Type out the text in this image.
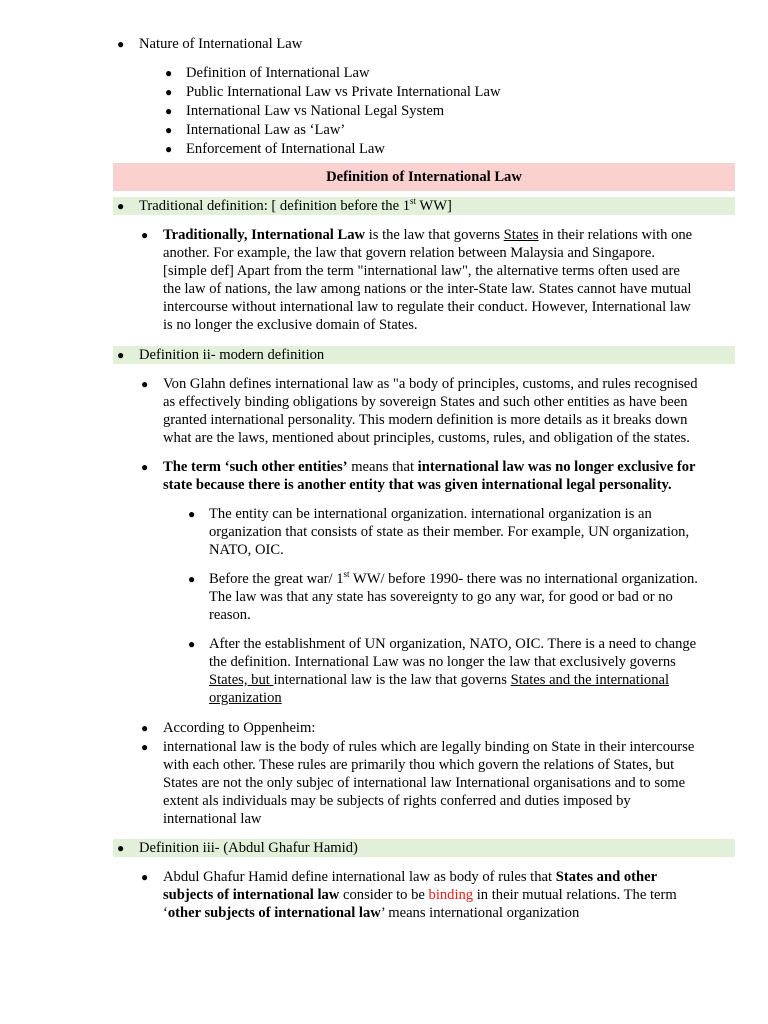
● Nature of International Law
● Definition of International Law
● Public International Law vs Private International Law
● International Law vs National Legal System
● International Law as ‘Law’
● Enforcement of International Law
Definition of International Law
● Traditional definition: [ definition before the 1st WW]
● Traditionally, International Law is the law that governs States in their relations with one
another. For example, the law that govern relation between Malaysia and Singapore.
[simple def] Apart from the term "international law", the alternative terms often used are
the law of nations, the law among nations or the inter-State law. States cannot have mutual
intercourse without international law to regulate their conduct. However, International law
is no longer the exclusive domain of States.
● Definition ii- modern definition
● Von Glahn defines international law as "a body of principles, customs, and rules recognised
as effectively binding obligations by sovereign States and such other entities as have been
granted international personality. This modern definition is more details as it breaks down
what are the laws, mentioned about principles, customs, rules, and obligation of the states.
● The term ‘such other entities’ means that international law was no longer exclusive for
state because there is another entity that was given international legal personality.
● The entity can be international organization. international organization is an
organization that consists of state as their member. For example, UN organization,
NATO, OIC.
● Before the great war/ 1st WW/ before 1990- there was no international organization.
The law was that any state has sovereignty to go any war, for good or bad or no
reason.
● After the establishment of UN organization, NATO, OIC. There is a need to change
the definition. International Law was no longer the law that exclusively governs
States, but international law is the law that governs States and the international
organization
● According to Oppenheim:
● international law is the body of rules which are legally binding on State in their intercourse
with each other. These rules are primarily thou which govern the relations of States, but
States are not the only subjec of international law International organisations and to some
extent als individuals may be subjects of rights conferred and duties imposed by
international law
● Definition iii- (Abdul Ghafur Hamid)
● Abdul Ghafur Hamid define international law as body of rules that States and other
subjects of international law consider to be binding in their mutual relations. The term
‘other subjects of international law’ means international organization
